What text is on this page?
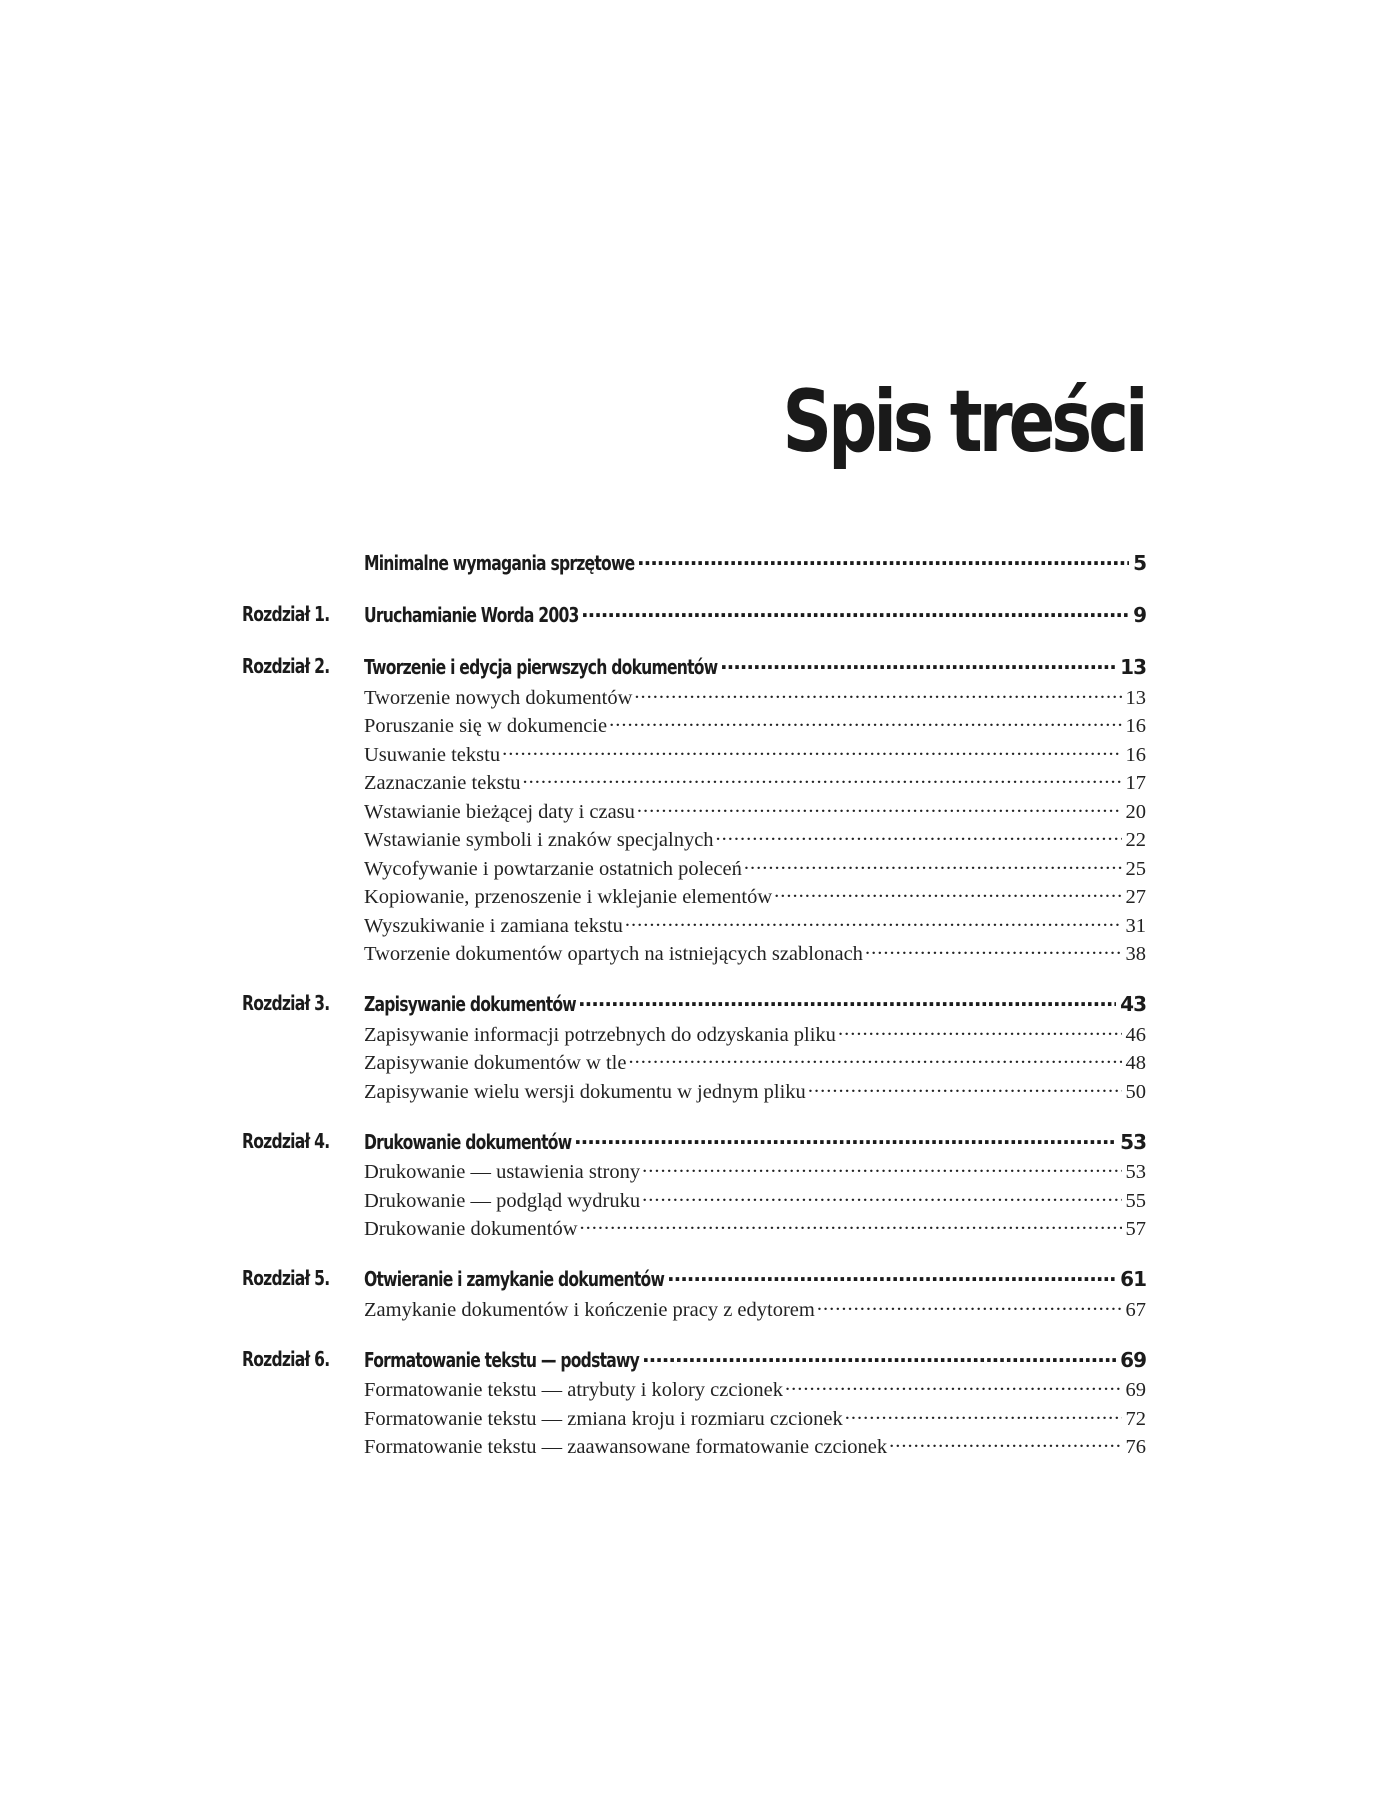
Spis treści
Minimalne wymagania sprzętowe .....	5
Rozdział 1. Uruchamianie Worda 2003 .....	9
Rozdział 2. Tworzenie i edycja pierwszych dokumentów .....	13
Tworzenie nowych dokumentów .....	13
Poruszanie się w dokumencie .....	16
Usuwanie tekstu .....	16
Zaznaczanie tekstu .....	17
Wstawianie bieżącej daty i czasu .....	20
Wstawianie symboli i znaków specjalnych .....	22
Wycofywanie i powtarzanie ostatnich poleceń .....	25
Kopiowanie, przenoszenie i wklejanie elementów .....	27
Wyszukiwanie i zamiana tekstu .....	31
Tworzenie dokumentów opartych na istniejących szablonach .....	38
Rozdział 3. Zapisywanie dokumentów .....	43
Zapisywanie informacji potrzebnych do odzyskania pliku .....	46
Zapisywanie dokumentów w tle .....	48
Zapisywanie wielu wersji dokumentu w jednym pliku .....	50
Rozdział 4. Drukowanie dokumentów .....	53
Drukowanie — ustawienia strony .....	53
Drukowanie — podgląd wydruku .....	55
Drukowanie dokumentów .....	57
Rozdział 5. Otwieranie i zamykanie dokumentów .....	61
Zamykanie dokumentów i kończenie pracy z edytorem .....	67
Rozdział 6. Formatowanie tekstu — podstawy .....	69
Formatowanie tekstu — atrybuty i kolory czcionek .....	69
Formatowanie tekstu — zmiana kroju i rozmiaru czcionek .....	72
Formatowanie tekstu — zaawansowane formatowanie czcionek .....	76
